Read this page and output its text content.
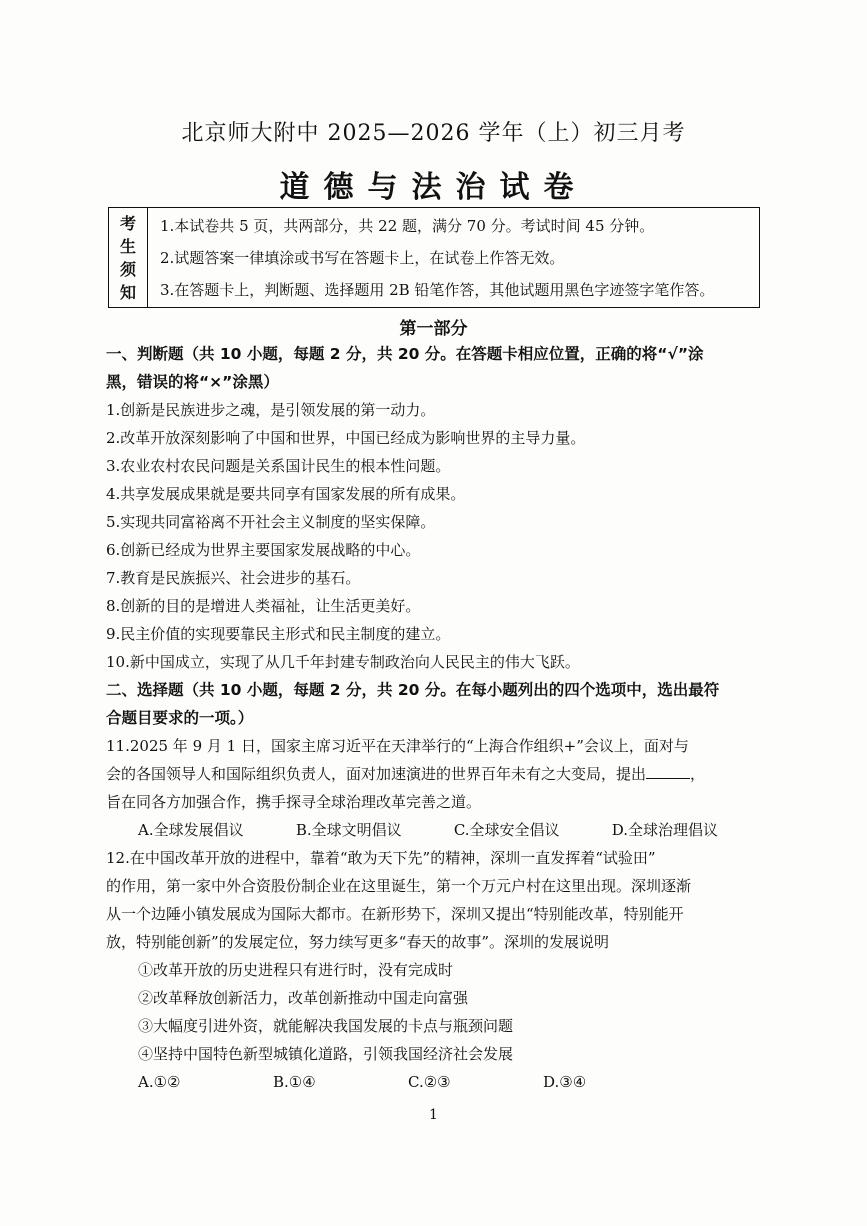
北京师大附中 2025—2026 学年（上）初三月考
道德与法治试卷
考
生
须
知
1.本试卷共 5 页，共两部分，共 22 题，满分 70 分。考试时间 45 分钟。
2.试题答案一律填涂或书写在答题卡上，在试卷上作答无效。
3.在答题卡上，判断题、选择题用 2B 铅笔作答，其他试题用黑色字迹签字笔作答。
第一部分
一、判断题（共 10 小题，每题 2 分，共 20 分。在答题卡相应位置，正确的将“√”涂
黑，错误的将“×”涂黑）
1.创新是民族进步之魂，是引领发展的第一动力。
2.改革开放深刻影响了中国和世界，中国已经成为影响世界的主导力量。
3.农业农村农民问题是关系国计民生的根本性问题。
4.共享发展成果就是要共同享有国家发展的所有成果。
5.实现共同富裕离不开社会主义制度的坚实保障。
6.创新已经成为世界主要国家发展战略的中心。
7.教育是民族振兴、社会进步的基石。
8.创新的目的是增进人类福祉，让生活更美好。
9.民主价值的实现要靠民主形式和民主制度的建立。
10.新中国成立，实现了从几千年封建专制政治向人民民主的伟大飞跃。
二、选择题（共 10 小题，每题 2 分，共 20 分。在每小题列出的四个选项中，选出最符
合题目要求的一项。）
11.2025 年 9 月 1 日，国家主席习近平在天津举行的“上海合作组织+”会议上，面对与
会的各国领导人和国际组织负责人，面对加速演进的世界百年未有之大变局，提出	，
旨在同各方加强合作，携手探寻全球治理改革完善之道。
A.全球发展倡议	B.全球文明倡议	C.全球安全倡议	D.全球治理倡议
12.在中国改革开放的进程中，靠着“敢为天下先”的精神，深圳一直发挥着“试验田”
的作用，第一家中外合资股份制企业在这里诞生，第一个万元户村在这里出现。深圳逐渐
从一个边陲小镇发展成为国际大都市。在新形势下，深圳又提出“特别能改革，特别能开
放，特别能创新”的发展定位，努力续写更多“春天的故事”。深圳的发展说明
①改革开放的历史进程只有进行时，没有完成时
②改革释放创新活力，改革创新推动中国走向富强
③大幅度引进外资，就能解决我国发展的卡点与瓶颈问题
④坚持中国特色新型城镇化道路，引领我国经济社会发展
A.①②	B.①④	C.②③	D.③④
1
